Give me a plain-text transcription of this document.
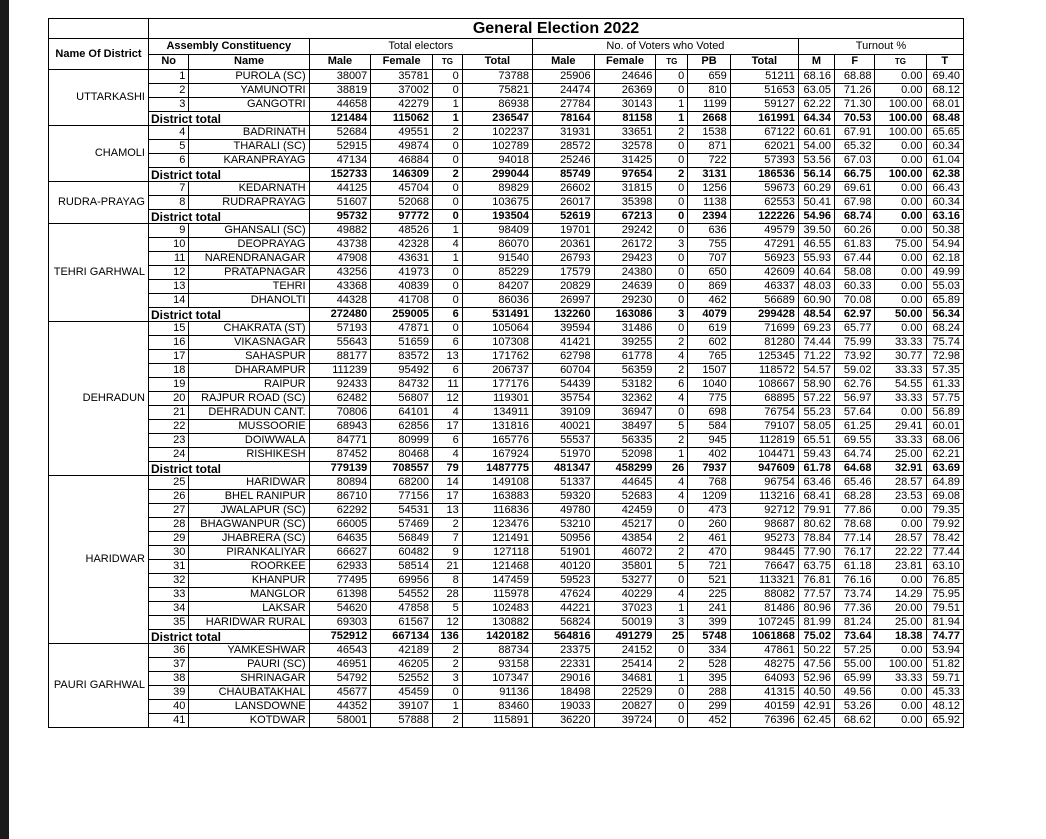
	General Election 2022														
Name Of District	Assembly Constituency		Total electors				No. of Voters who Voted					Turnout %			
	No	Name	Male	Female	TG	Total	Male	Female	TG	PB	Total	M	F	TG	T
UTTARKASHI	1	PUROLA (SC)	38007	35781	0	73788	25906	24646	0	659	51211	68.16	68.88	0.00	69.40
	2	YAMUNOTRI	38819	37002	0	75821	24474	26369	0	810	51653	63.05	71.26	0.00	68.12
	3	GANGOTRI	44658	42279	1	86938	27784	30143	1	1199	59127	62.22	71.30	100.00	68.01
	District total		121484	115062	1	236547	78164	81158	1	2668	161991	64.34	70.53	100.00	68.48
CHAMOLI	4	BADRINATH	52684	49551	2	102237	31931	33651	2	1538	67122	60.61	67.91	100.00	65.65
	5	THARALI (SC)	52915	49874	0	102789	28572	32578	0	871	62021	54.00	65.32	0.00	60.34
	6	KARANPRAYAG	47134	46884	0	94018	25246	31425	0	722	57393	53.56	67.03	0.00	61.04
	District total		152733	146309	2	299044	85749	97654	2	3131	186536	56.14	66.75	100.00	62.38
RUDRA-PRAYAG	7	KEDARNATH	44125	45704	0	89829	26602	31815	0	1256	59673	60.29	69.61	0.00	66.43
	8	RUDRAPRAYAG	51607	52068	0	103675	26017	35398	0	1138	62553	50.41	67.98	0.00	60.34
	District total		95732	97772	0	193504	52619	67213	0	2394	122226	54.96	68.74	0.00	63.16
TEHRI GARHWAL	9	GHANSALI (SC)	49882	48526	1	98409	19701	29242	0	636	49579	39.50	60.26	0.00	50.38
	10	DEOPRAYAG	43738	42328	4	86070	20361	26172	3	755	47291	46.55	61.83	75.00	54.94
	11	NARENDRANAGAR	47908	43631	1	91540	26793	29423	0	707	56923	55.93	67.44	0.00	62.18
	12	PRATAPNAGAR	43256	41973	0	85229	17579	24380	0	650	42609	40.64	58.08	0.00	49.99
	13	TEHRI	43368	40839	0	84207	20829	24639	0	869	46337	48.03	60.33	0.00	55.03
	14	DHANOLTI	44328	41708	0	86036	26997	29230	0	462	56689	60.90	70.08	0.00	65.89
	District total		272480	259005	6	531491	132260	163086	3	4079	299428	48.54	62.97	50.00	56.34
DEHRADUN	15	CHAKRATA (ST)	57193	47871	0	105064	39594	31486	0	619	71699	69.23	65.77	0.00	68.24
	16	VIKASNAGAR	55643	51659	6	107308	41421	39255	2	602	81280	74.44	75.99	33.33	75.74
	17	SAHASPUR	88177	83572	13	171762	62798	61778	4	765	125345	71.22	73.92	30.77	72.98
	18	DHARAMPUR	111239	95492	6	206737	60704	56359	2	1507	118572	54.57	59.02	33.33	57.35
	19	RAIPUR	92433	84732	11	177176	54439	53182	6	1040	108667	58.90	62.76	54.55	61.33
	20	RAJPUR ROAD (SC)	62482	56807	12	119301	35754	32362	4	775	68895	57.22	56.97	33.33	57.75
	21	DEHRADUN CANT.	70806	64101	4	134911	39109	36947	0	698	76754	55.23	57.64	0.00	56.89
	22	MUSSOORIE	68943	62856	17	131816	40021	38497	5	584	79107	58.05	61.25	29.41	60.01
	23	DOIWWALA	84771	80999	6	165776	55537	56335	2	945	112819	65.51	69.55	33.33	68.06
	24	RISHIKESH	87452	80468	4	167924	51970	52098	1	402	104471	59.43	64.74	25.00	62.21
	District total		779139	708557	79	1487775	481347	458299	26	7937	947609	61.78	64.68	32.91	63.69
HARIDWAR	25	HARIDWAR	80894	68200	14	149108	51337	44645	4	768	96754	63.46	65.46	28.57	64.89
	26	BHEL RANIPUR	86710	77156	17	163883	59320	52683	4	1209	113216	68.41	68.28	23.53	69.08
	27	JWALAPUR (SC)	62292	54531	13	116836	49780	42459	0	473	92712	79.91	77.86	0.00	79.35
	28	BHAGWANPUR (SC)	66005	57469	2	123476	53210	45217	0	260	98687	80.62	78.68	0.00	79.92
	29	JHABRERA (SC)	64635	56849	7	121491	50956	43854	2	461	95273	78.84	77.14	28.57	78.42
	30	PIRANKALIYAR	66627	60482	9	127118	51901	46072	2	470	98445	77.90	76.17	22.22	77.44
	31	ROORKEE	62933	58514	21	121468	40120	35801	5	721	76647	63.75	61.18	23.81	63.10
	32	KHANPUR	77495	69956	8	147459	59523	53277	0	521	113321	76.81	76.16	0.00	76.85
	33	MANGLOR	61398	54552	28	115978	47624	40229	4	225	88082	77.57	73.74	14.29	75.95
	34	LAKSAR	54620	47858	5	102483	44221	37023	1	241	81486	80.96	77.36	20.00	79.51
	35	HARIDWAR RURAL	69303	61567	12	130882	56824	50019	3	399	107245	81.99	81.24	25.00	81.94
	District total		752912	667134	136	1420182	564816	491279	25	5748	1061868	75.02	73.64	18.38	74.77
PAURI GARHWAL	36	YAMKESHWAR	46543	42189	2	88734	23375	24152	0	334	47861	50.22	57.25	0.00	53.94
	37	PAURI (SC)	46951	46205	2	93158	22331	25414	2	528	48275	47.56	55.00	100.00	51.82
	38	SHRINAGAR	54792	52552	3	107347	29016	34681	1	395	64093	52.96	65.99	33.33	59.71
	39	CHAUBATAKHAL	45677	45459	0	91136	18498	22529	0	288	41315	40.50	49.56	0.00	45.33
	40	LANSDOWNE	44352	39107	1	83460	19033	20827	0	299	40159	42.91	53.26	0.00	48.12
	41	KOTDWAR	58001	57888	2	115891	36220	39724	0	452	76396	62.45	68.62	0.00	65.92
